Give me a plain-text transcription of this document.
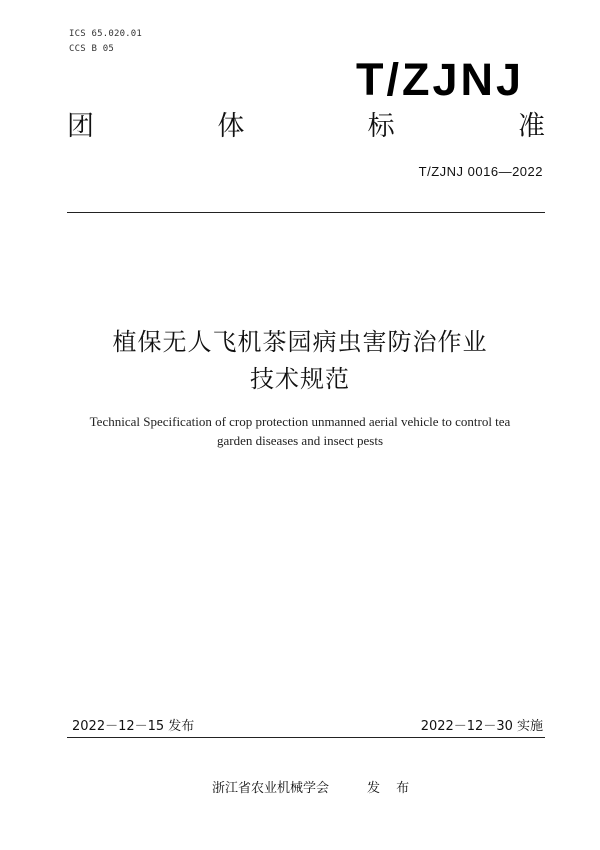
ICS 65.020.01
CCS B 05
T/ZJNJ
团	体	标	准
T/ZJNJ 0016—2022
植保无人飞机茶园病虫害防治作业
技术规范
Technical Specification of crop protection unmanned aerial vehicle to control tea
garden diseases and insect pests
2022－12－15 发布	2022－12－30 实施
浙江省农业机械学会	发 布
